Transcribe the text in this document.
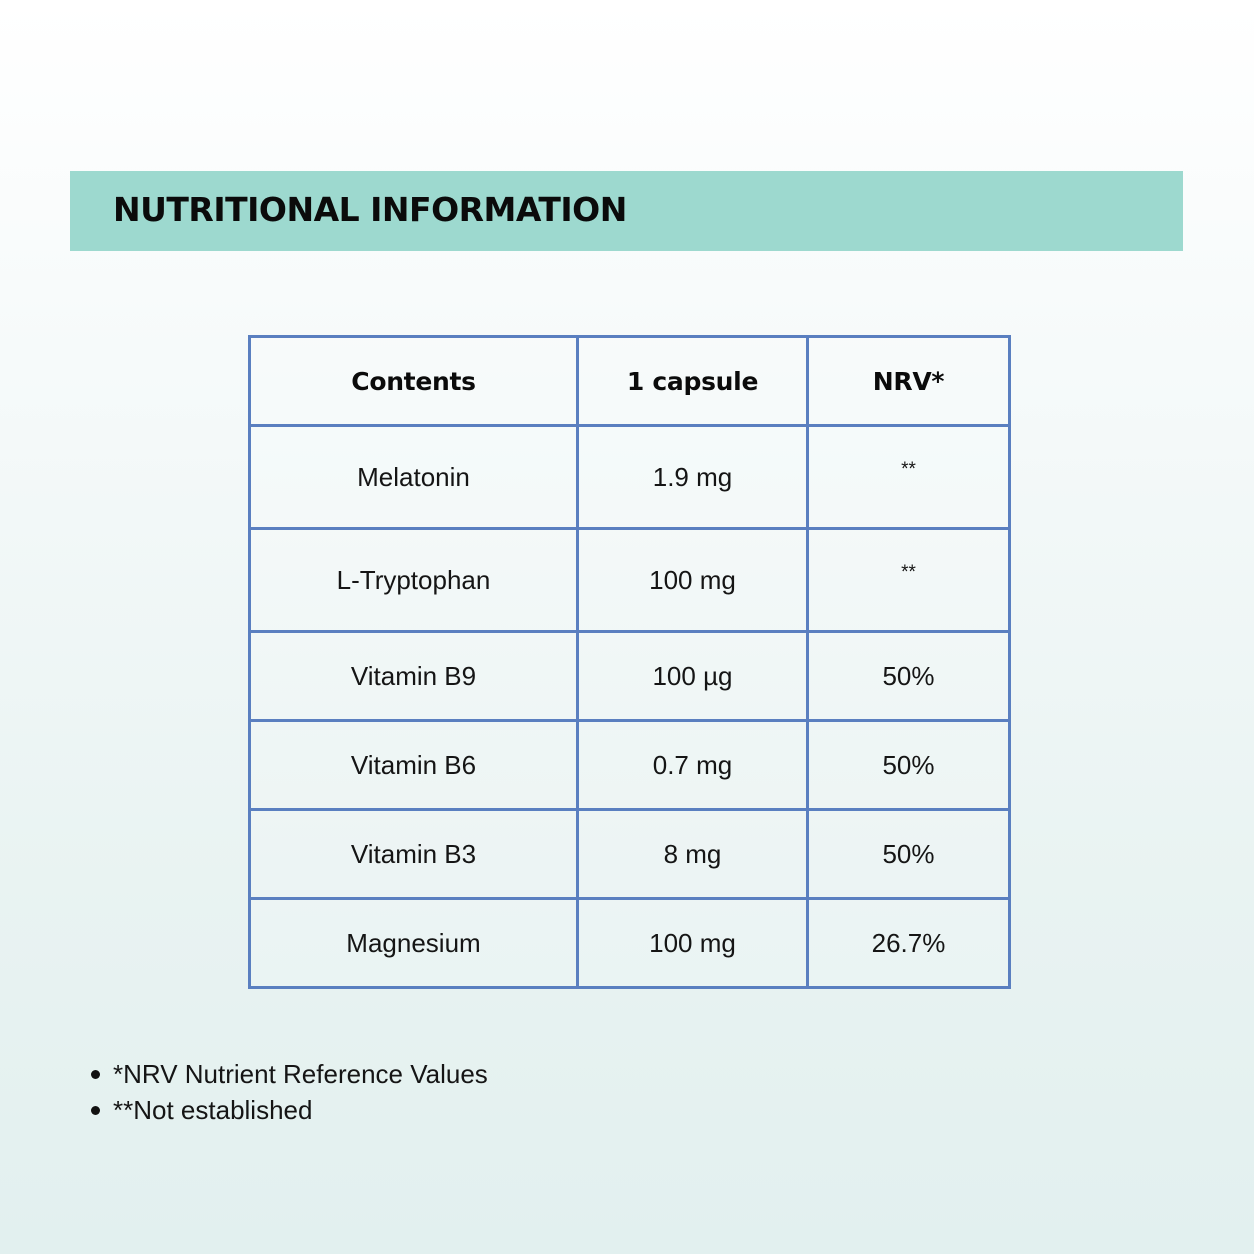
NUTRITIONAL INFORMATION
Contents	1 capsule	NRV*
Melatonin	1.9 mg	**
L-Tryptophan	100 mg	**
Vitamin B9	100 µg	50%
Vitamin B6	0.7 mg	50%
Vitamin B3	8 mg	50%
Magnesium	100 mg	26.7%
*NRV Nutrient Reference Values
**Not established
